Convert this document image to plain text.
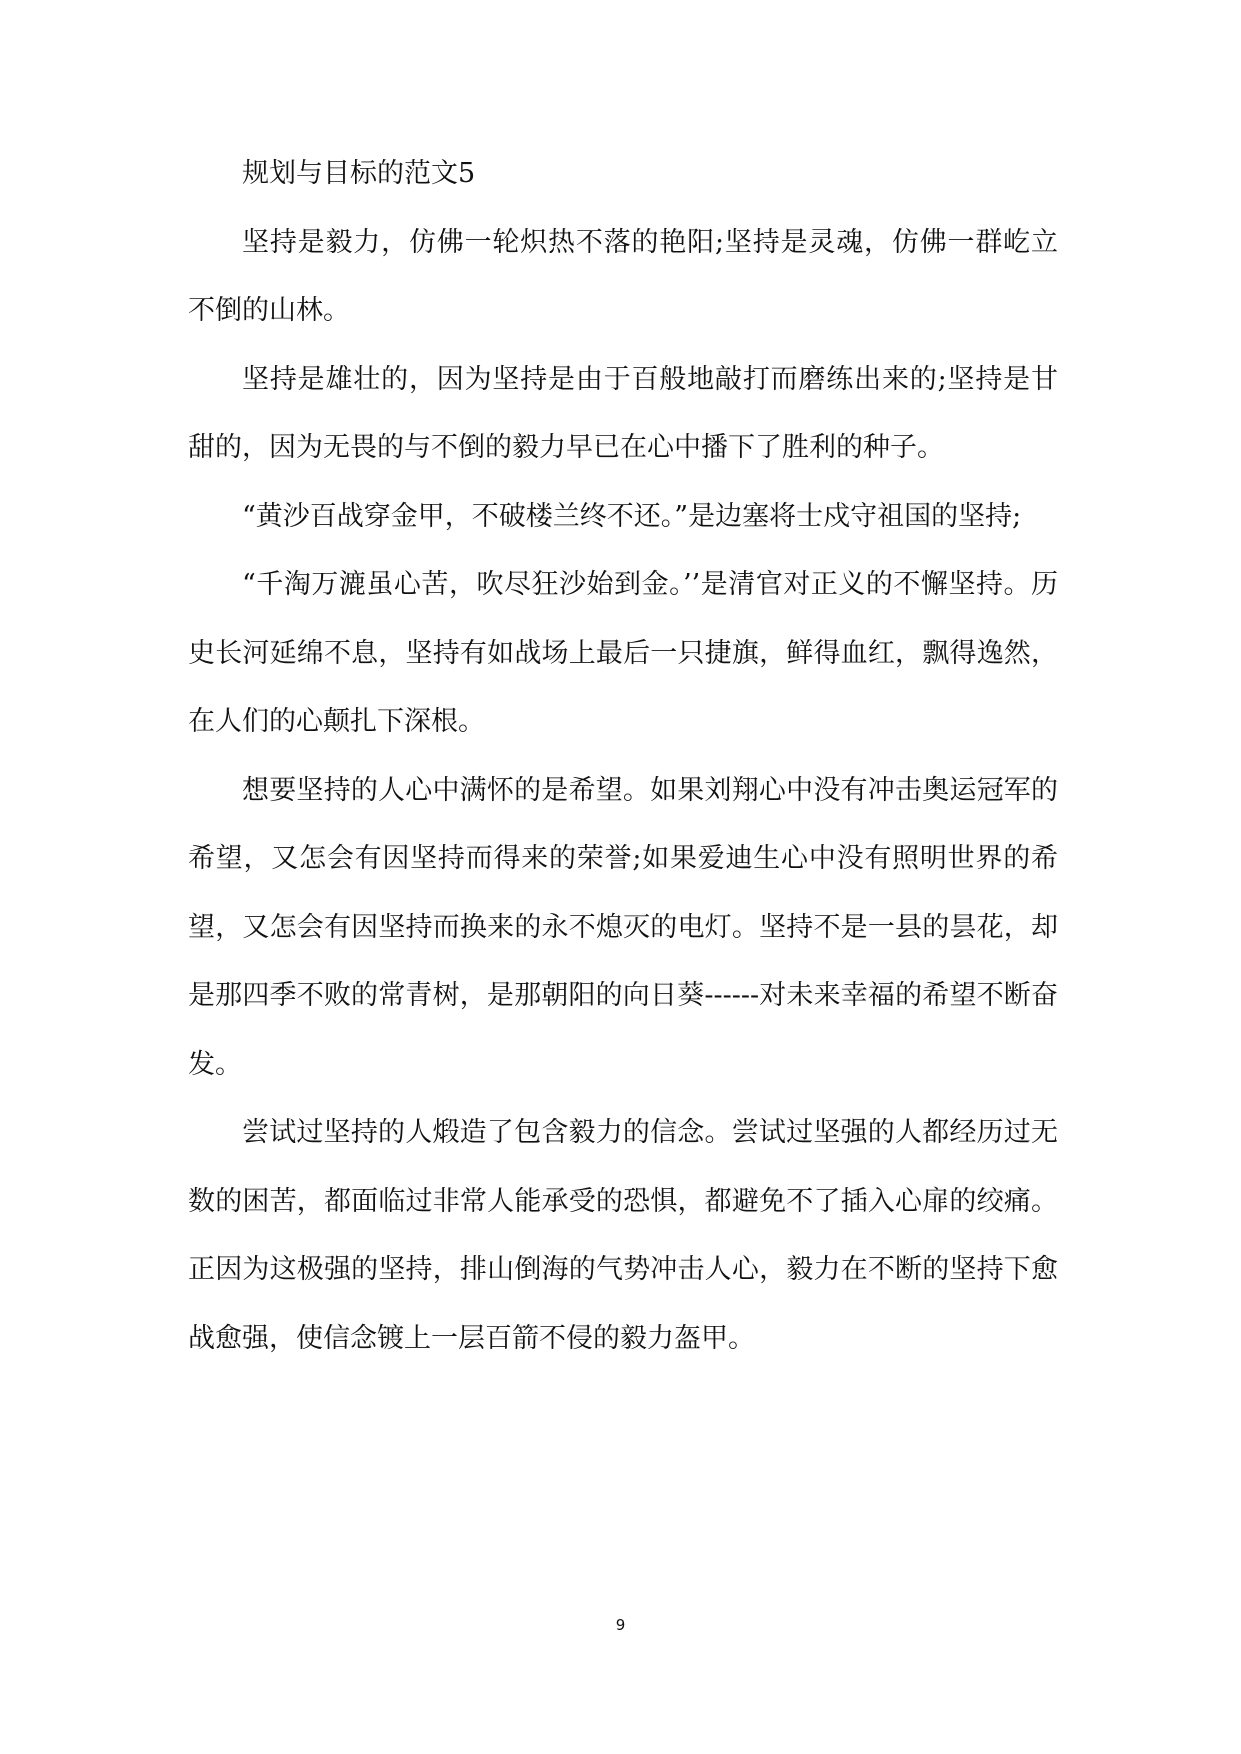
规划与目标的范文5

坚持是毅力，仿佛一轮炽热不落的艳阳;坚持是灵魂，仿佛一群屹立不倒的山林。

坚持是雄壮的，因为坚持是由于百般地敲打而磨练出来的;坚持是甘甜的，因为无畏的与不倒的毅力早已在心中播下了胜利的种子。

“黄沙百战穿金甲，不破楼兰终不还。”是边塞将士戍守祖国的坚持;

“千淘万漉虽心苦，吹尽狂沙始到金。’’是清官对正义的不懈坚持。历史长河延绵不息，坚持有如战场上最后一只捷旗，鲜得血红，飘得逸然，在人们的心颠扎下深根。

想要坚持的人心中满怀的是希望。如果刘翔心中没有冲击奥运冠军的希望，又怎会有因坚持而得来的荣誉;如果爱迪生心中没有照明世界的希望，又怎会有因坚持而换来的永不熄灭的电灯。坚持不是一县的昙花，却是那四季不败的常青树，是那朝阳的向日葵------对未来幸福的希望不断奋发。

尝试过坚持的人煅造了包含毅力的信念。尝试过坚强的人都经历过无数的困苦，都面临过非常人能承受的恐惧，都避免不了插入心扉的绞痛。正因为这极强的坚持，排山倒海的气势冲击人心，毅力在不断的坚持下愈战愈强，使信念镀上一层百箭不侵的毅力盔甲。

9
